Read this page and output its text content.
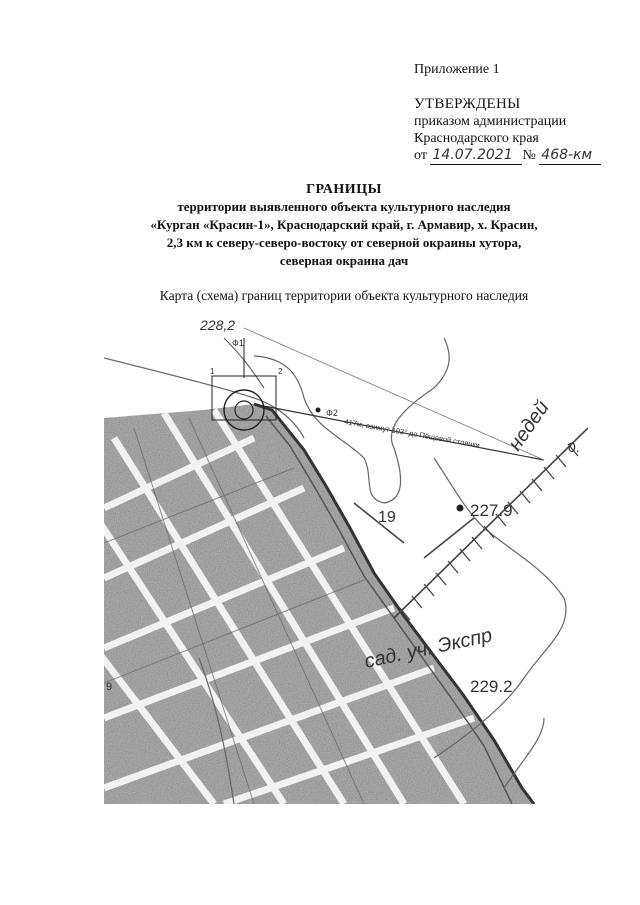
Приложение 1
УТВЕРЖДЕНЫ
приказом администрации
Краснодарского края
от 14.07.2021 № 468-км
ГРАНИЦЫ
территории выявленного объекта культурного наследия
«Курган «Красин-1», Краснодарский край, г. Армавир, х. Красин,
2,3 км к северу-северо-востоку от северной окраины хутора,
северная окраина дач
Карта (схема) границ территории объекта культурного наследия
228,2
Ф1
1	2
Ф2
417м, азимут 103° до Пёщевой стоянки недей 0.
227.9
19
сад. уч. Экспр
229.2
9
